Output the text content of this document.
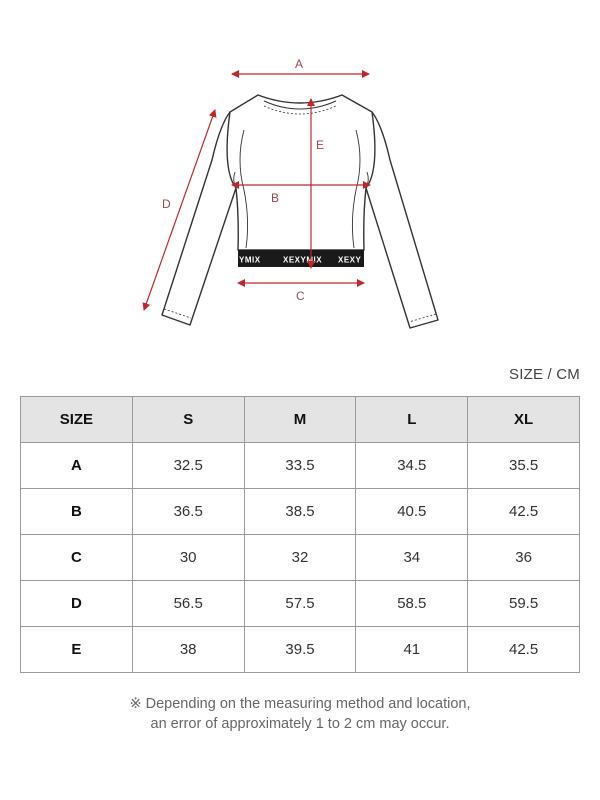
YMIX	XEXYMIX XEXY
A
B
C
D
E
SIZE / CM
SIZE	S	M	L	XL
A	32.5	33.5	34.5	35.5
B	36.5	38.5	40.5	42.5
C	30	32	34	36
D	56.5	57.5	58.5	59.5
E	38	39.5	41	42.5
※ Depending on the measuring method and location,
an error of approximately 1 to 2 cm may occur.
